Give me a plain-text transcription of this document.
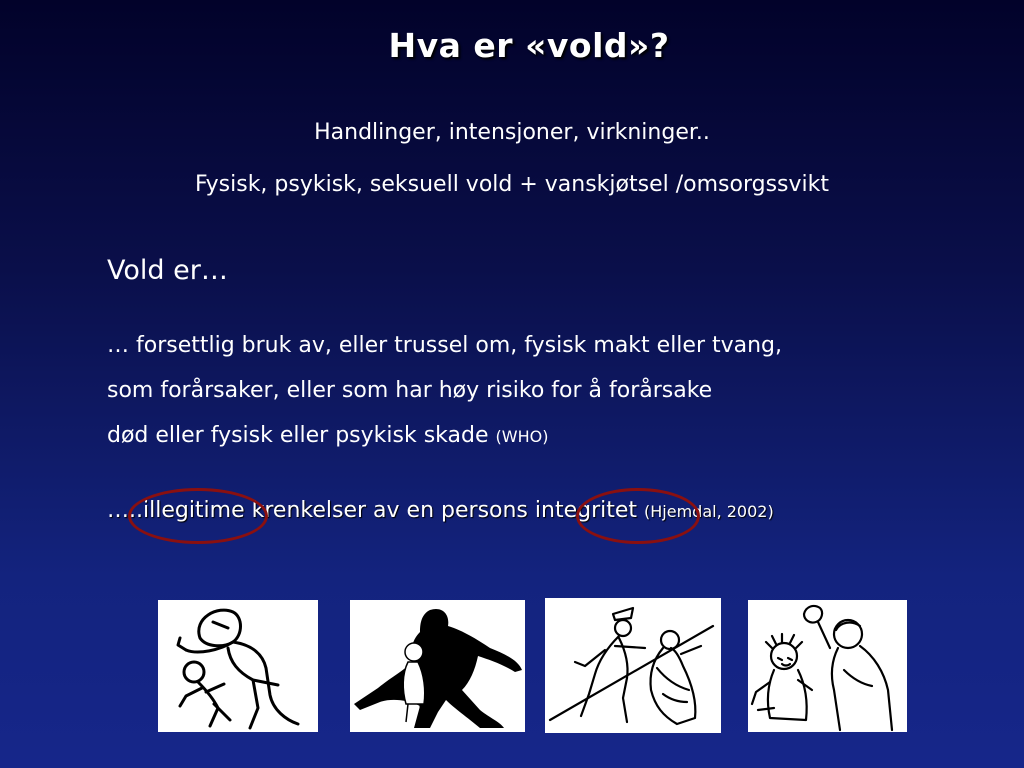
Hva er «vold»?
Handlinger, intensjoner, virkninger..
Fysisk, psykisk, seksuell vold + vanskjøtsel /omsorgssvikt
Vold er…
… forsettlig bruk av, eller trussel om, fysisk makt eller tvang,
som forårsaker, eller som har høy risiko for å forårsake
død eller fysisk eller psykisk skade (WHO)
…..illegitime krenkelser av en persons integritet (Hjemdal, 2002)
